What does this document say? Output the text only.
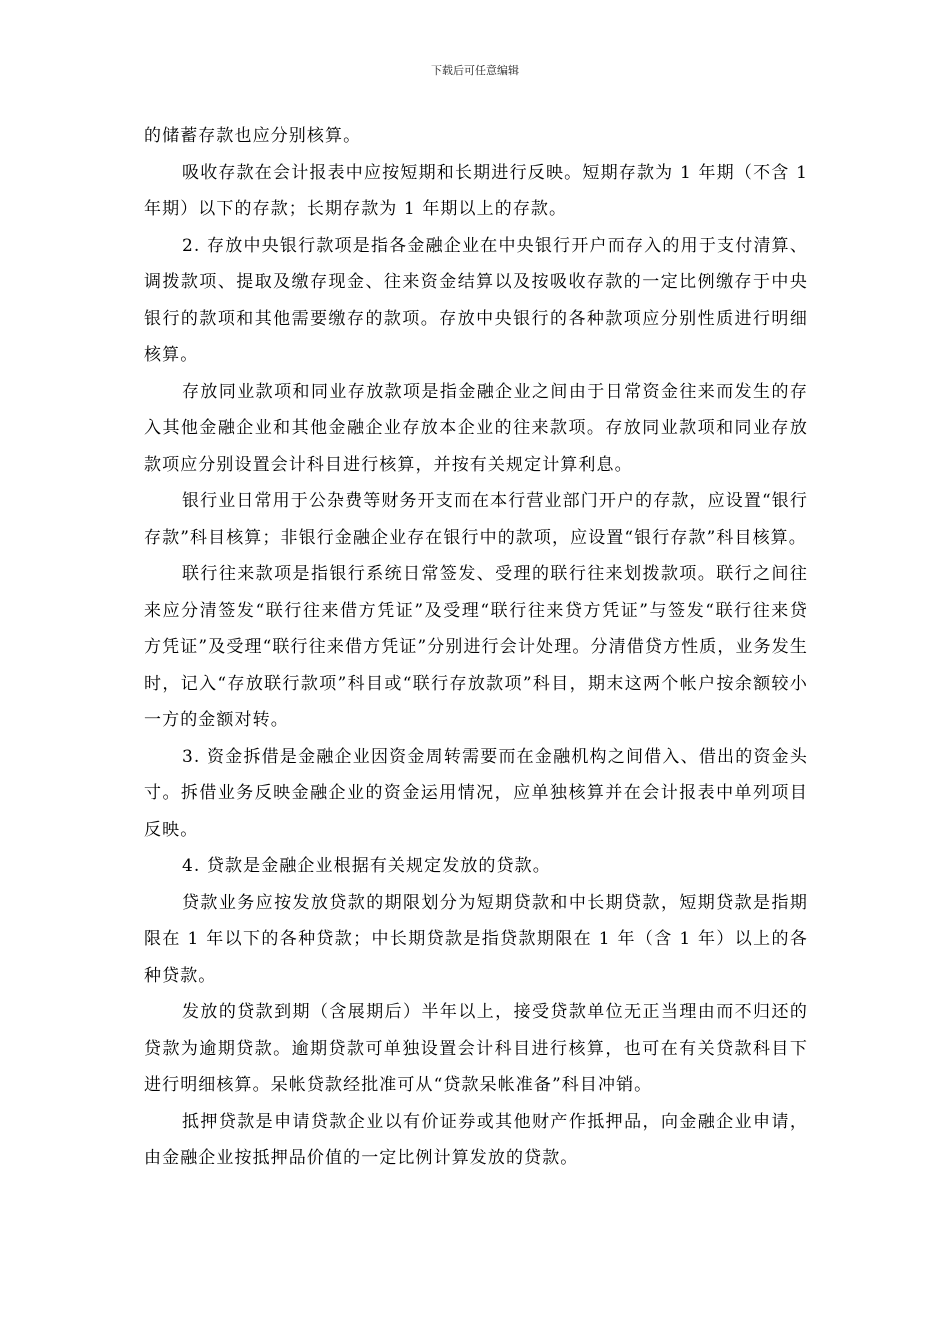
下载后可任意编辑

的储蓄存款也应分别核算。

吸收存款在会计报表中应按短期和长期进行反映。短期存款为 1 年期（不含 1 年期）以下的存款；长期存款为 1 年期以上的存款。

2. 存放中央银行款项是指各金融企业在中央银行开户而存入的用于支付清算、调拨款项、提取及缴存现金、往来资金结算以及按吸收存款的一定比例缴存于中央银行的款项和其他需要缴存的款项。存放中央银行的各种款项应分别性质进行明细核算。

存放同业款项和同业存放款项是指金融企业之间由于日常资金往来而发生的存入其他金融企业和其他金融企业存放本企业的往来款项。存放同业款项和同业存放款项应分别设置会计科目进行核算，并按有关规定计算利息。

银行业日常用于公杂费等财务开支而在本行营业部门开户的存款，应设置“银行存款”科目核算；非银行金融企业存在银行中的款项，应设置“银行存款”科目核算。

联行往来款项是指银行系统日常签发、受理的联行往来划拨款项。联行之间往来应分清签发“联行往来借方凭证”及受理“联行往来贷方凭证”与签发“联行往来贷方凭证”及受理“联行往来借方凭证”分别进行会计处理。分清借贷方性质，业务发生时，记入“存放联行款项”科目或“联行存放款项”科目，期末这两个帐户按余额较小一方的金额对转。

3. 资金拆借是金融企业因资金周转需要而在金融机构之间借入、借出的资金头寸。拆借业务反映金融企业的资金运用情况，应单独核算并在会计报表中单列项目反映。

4. 贷款是金融企业根据有关规定发放的贷款。

贷款业务应按发放贷款的期限划分为短期贷款和中长期贷款，短期贷款是指期限在 1 年以下的各种贷款；中长期贷款是指贷款期限在 1 年（含 1 年）以上的各种贷款。

发放的贷款到期（含展期后）半年以上，接受贷款单位无正当理由而不归还的贷款为逾期贷款。逾期贷款可单独设置会计科目进行核算，也可在有关贷款科目下进行明细核算。呆帐贷款经批准可从“贷款呆帐准备”科目冲销。

抵押贷款是申请贷款企业以有价证券或其他财产作抵押品，向金融企业申请，由金融企业按抵押品价值的一定比例计算发放的贷款。
